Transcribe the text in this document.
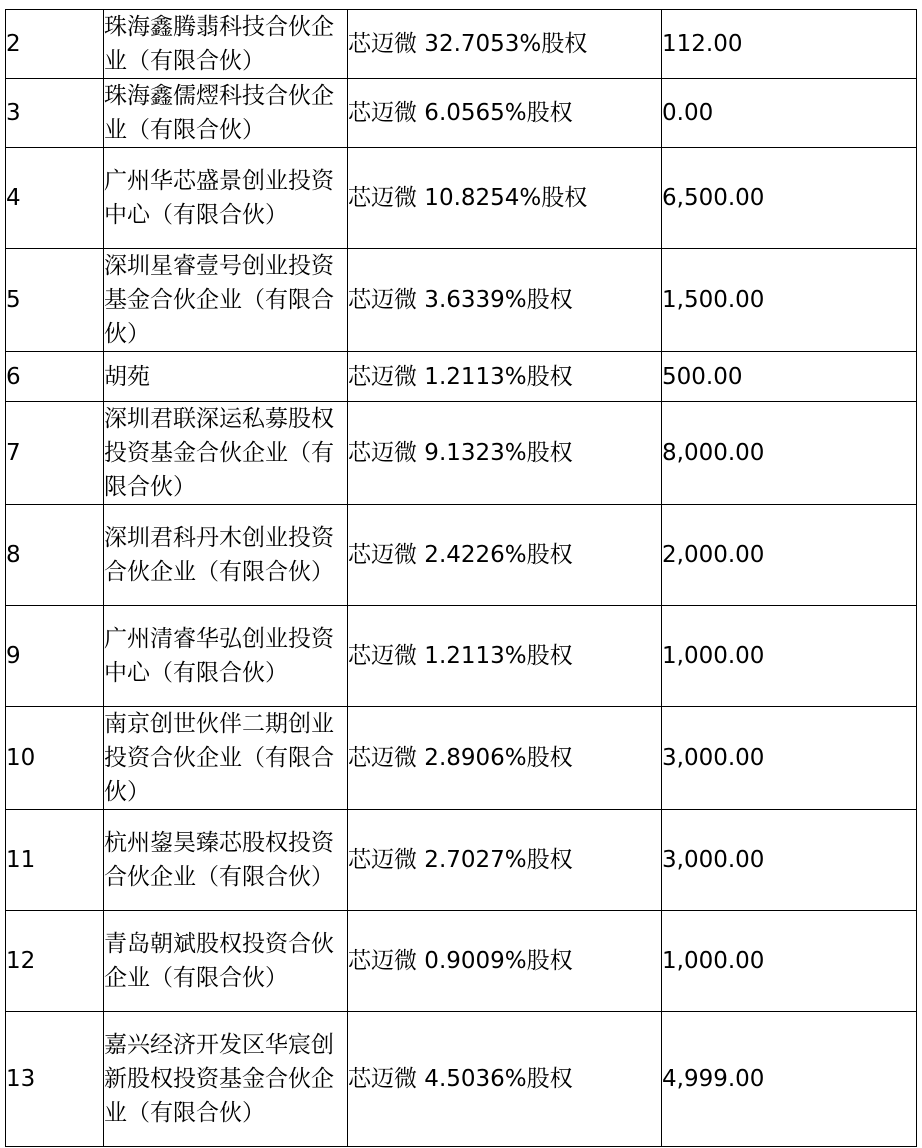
2	珠海鑫腾翡科技合伙企业（有限合伙）	芯迈微 32.7053%股权	112.00
3	珠海鑫儒熤科技合伙企业（有限合伙）	芯迈微 6.0565%股权	0.00
4	广州华芯盛景创业投资中心（有限合伙）	芯迈微 10.8254%股权	6,500.00
5	深圳星睿壹号创业投资基金合伙企业（有限合伙）	芯迈微 3.6339%股权	1,500.00
6	胡苑	芯迈微 1.2113%股权	500.00
7	深圳君联深运私募股权投资基金合伙企业（有限合伙）	芯迈微 9.1323%股权	8,000.00
8	深圳君科丹木创业投资合伙企业（有限合伙）	芯迈微 2.4226%股权	2,000.00
9	广州清睿华弘创业投资中心（有限合伙）	芯迈微 1.2113%股权	1,000.00
10	南京创世伙伴二期创业投资合伙企业（有限合伙）	芯迈微 2.8906%股权	3,000.00
11	杭州鋆昊臻芯股权投资合伙企业（有限合伙）	芯迈微 2.7027%股权	3,000.00
12	青岛朝斌股权投资合伙企业（有限合伙）	芯迈微 0.9009%股权	1,000.00
13	嘉兴经济开发区华宸创新股权投资基金合伙企业（有限合伙）	芯迈微 4.5036%股权	4,999.00
